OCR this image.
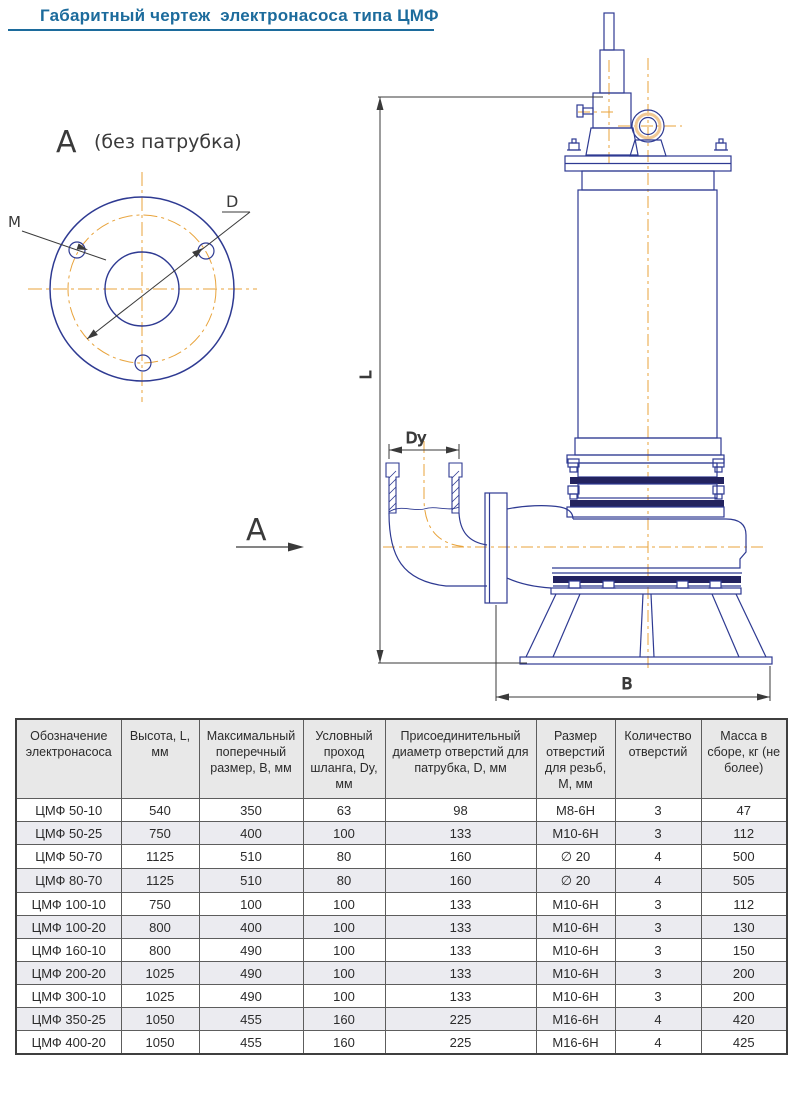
Габаритный чертеж  электронасоса типа ЦМФ
А (без патрубка)
D
М
А
L
B
Dy
Обозначение электронасоса	Высота, L, мм	Максимальный поперечный размер, В, мм	Условный проход шланга, Dy, мм	Присоединительный диаметр отверстий для патрубка, D, мм	Размер отверстий для резьб, М, мм	Количество отверстий	Масса в сборе, кг (не более)
ЦМФ 50-10	540	350	63	98	М8-6Н	3	47
ЦМФ 50-25	750	400	100	133	М10-6Н	3	112
ЦМФ 50-70	1125	510	80	160	∅ 20	4	500
ЦМФ 80-70	1125	510	80	160	∅ 20	4	505
ЦМФ 100-10	750	100	100	133	М10-6Н	3	112
ЦМФ 100-20	800	400	100	133	М10-6Н	3	130
ЦМФ 160-10	800	490	100	133	М10-6Н	3	150
ЦМФ 200-20	1025	490	100	133	М10-6Н	3	200
ЦМФ 300-10	1025	490	100	133	М10-6Н	3	200
ЦМФ 350-25	1050	455	160	225	М16-6Н	4	420
ЦМФ 400-20	1050	455	160	225	М16-6Н	4	425
